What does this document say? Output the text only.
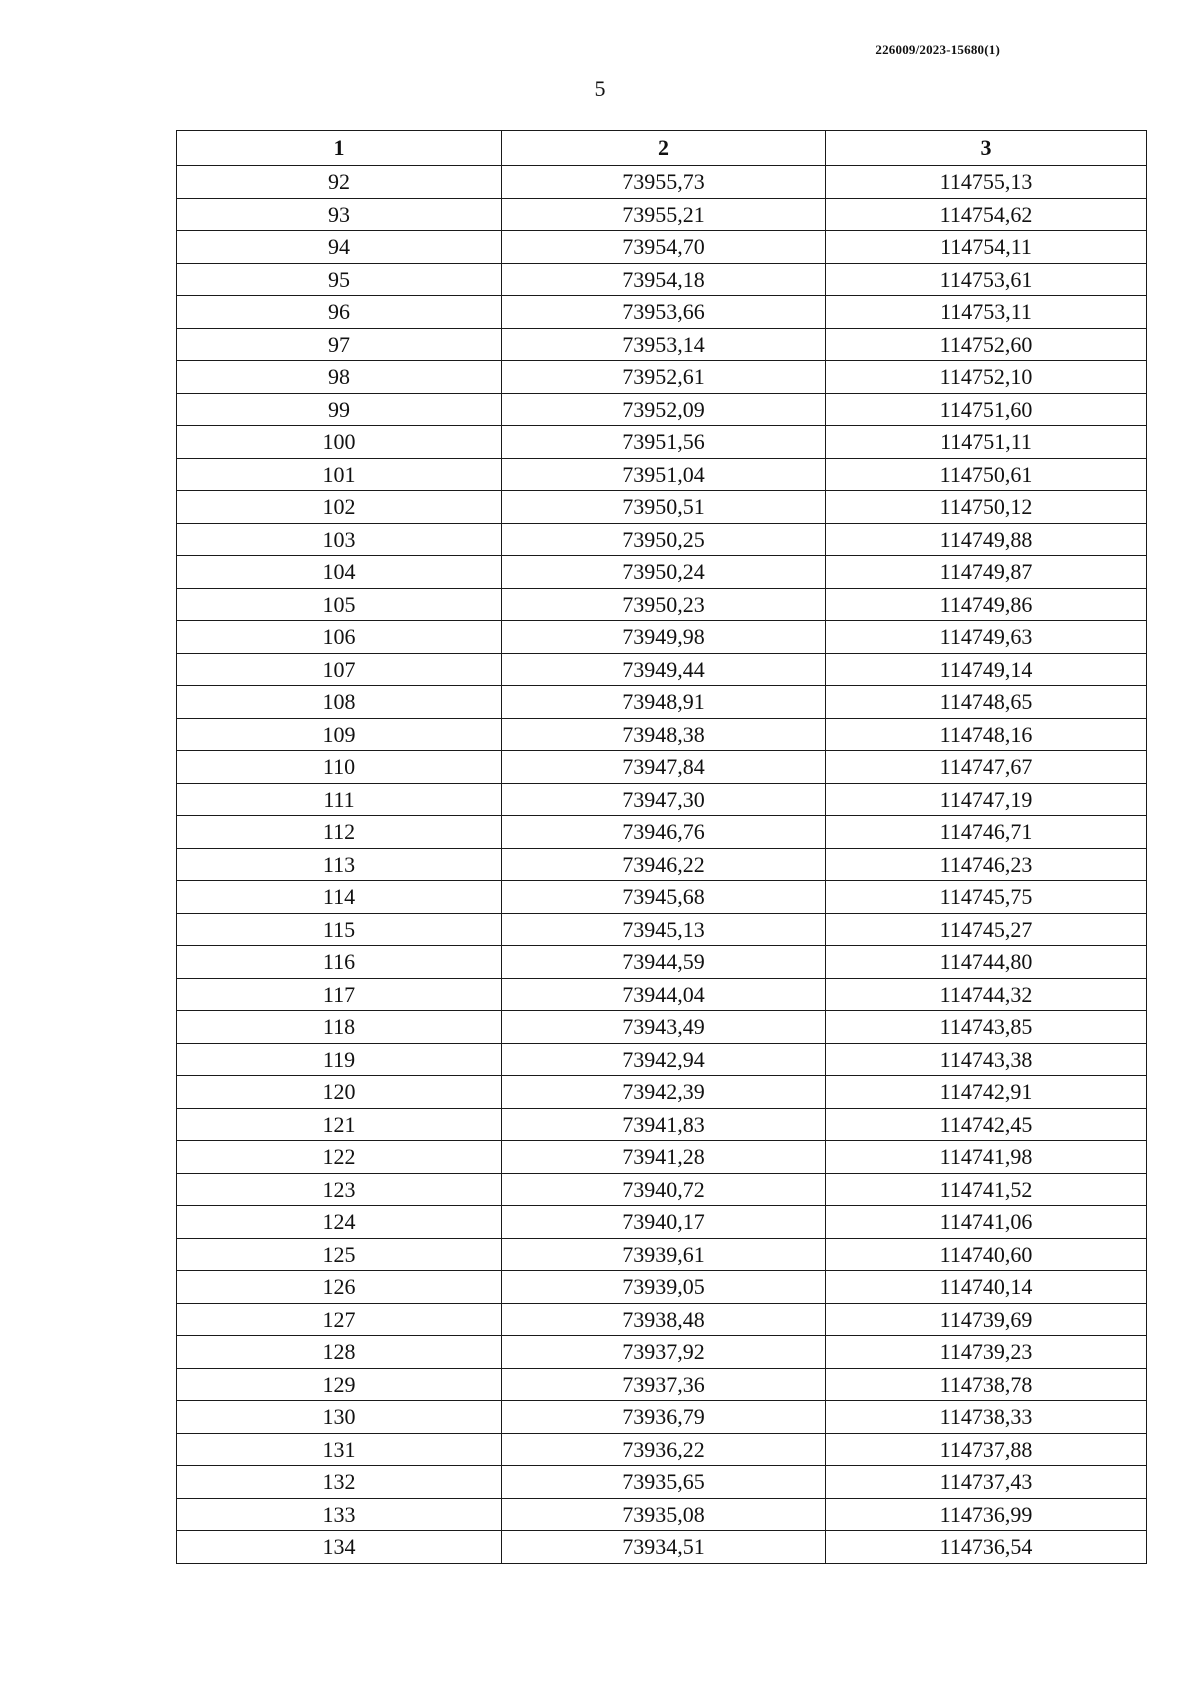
226009/2023-15680(1)
5
1	2	3
92	73955,73	114755,13
93	73955,21	114754,62
94	73954,70	114754,11
95	73954,18	114753,61
96	73953,66	114753,11
97	73953,14	114752,60
98	73952,61	114752,10
99	73952,09	114751,60
100	73951,56	114751,11
101	73951,04	114750,61
102	73950,51	114750,12
103	73950,25	114749,88
104	73950,24	114749,87
105	73950,23	114749,86
106	73949,98	114749,63
107	73949,44	114749,14
108	73948,91	114748,65
109	73948,38	114748,16
110	73947,84	114747,67
111	73947,30	114747,19
112	73946,76	114746,71
113	73946,22	114746,23
114	73945,68	114745,75
115	73945,13	114745,27
116	73944,59	114744,80
117	73944,04	114744,32
118	73943,49	114743,85
119	73942,94	114743,38
120	73942,39	114742,91
121	73941,83	114742,45
122	73941,28	114741,98
123	73940,72	114741,52
124	73940,17	114741,06
125	73939,61	114740,60
126	73939,05	114740,14
127	73938,48	114739,69
128	73937,92	114739,23
129	73937,36	114738,78
130	73936,79	114738,33
131	73936,22	114737,88
132	73935,65	114737,43
133	73935,08	114736,99
134	73934,51	114736,54
